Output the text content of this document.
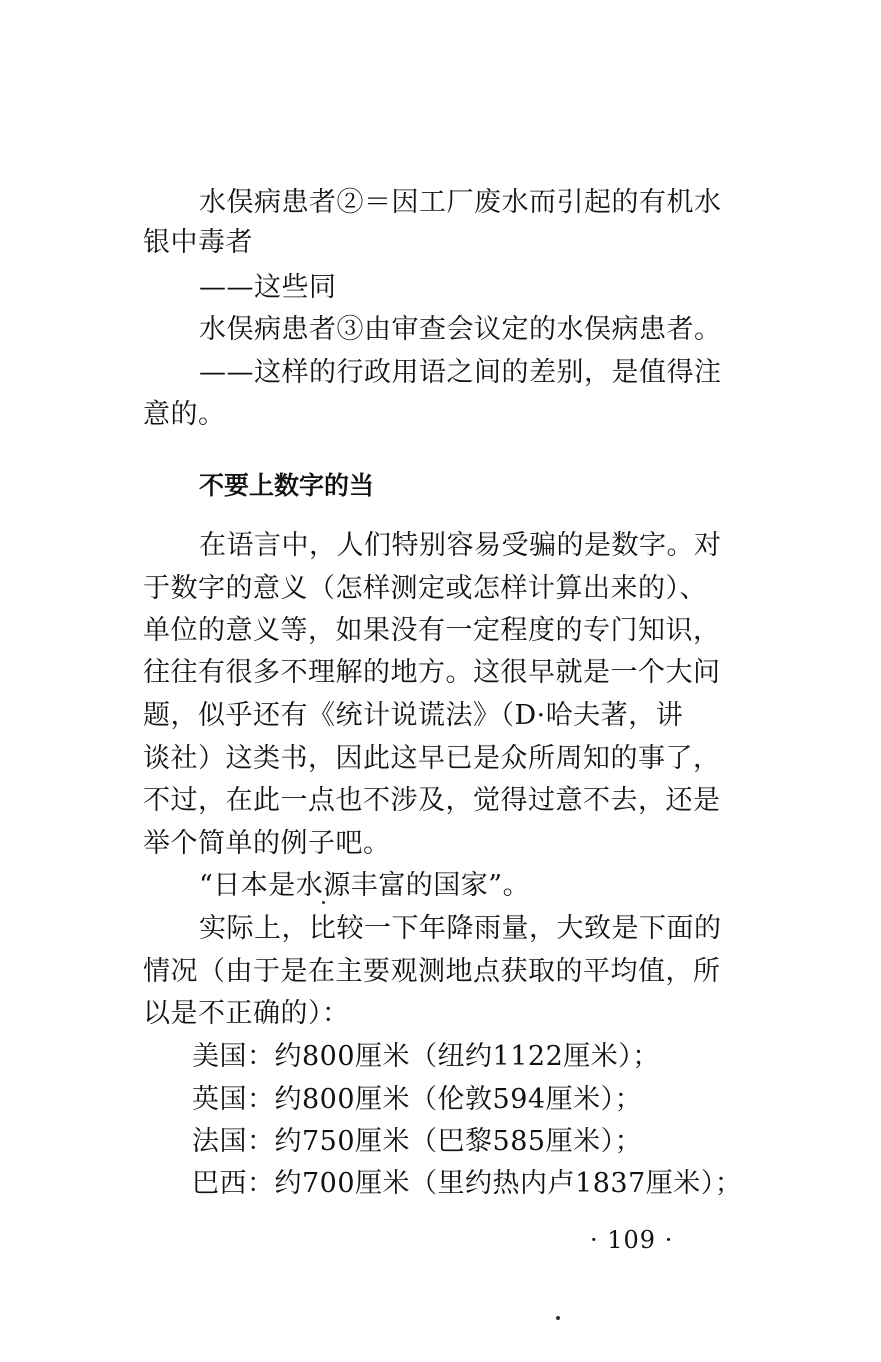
水俣病患者②＝因工厂废水而引起的有机水
银中毒者
——这些同
水俣病患者③由审查会议定的水俣病患者。
——这样的行政用语之间的差别，是值得注
意的。
不要上数字的当
在语言中，人们特别容易受骗的是数字。对
于数字的意义（怎样测定或怎样计算出来的）、
单位的意义等，如果没有一定程度的专门知识，
往往有很多不理解的地方。这很早就是一个大问
题，似乎还有《统计说谎法》（D·哈夫著，讲
谈社）这类书，因此这早已是众所周知的事了，
不过，在此一点也不涉及，觉得过意不去，还是
举个简单的例子吧。
“日本是水源丰富的国家”。
实际上，比较一下年降雨量，大致是下面的
情况（由于是在主要观测地点获取的平均值，所
以是不正确的）：
美国：约800厘米（纽约1122厘米）；
英国：约800厘米（伦敦594厘米）；
法国：约750厘米（巴黎585厘米）；
巴西：约700厘米（里约热内卢1837厘米）；
· 109 ·
